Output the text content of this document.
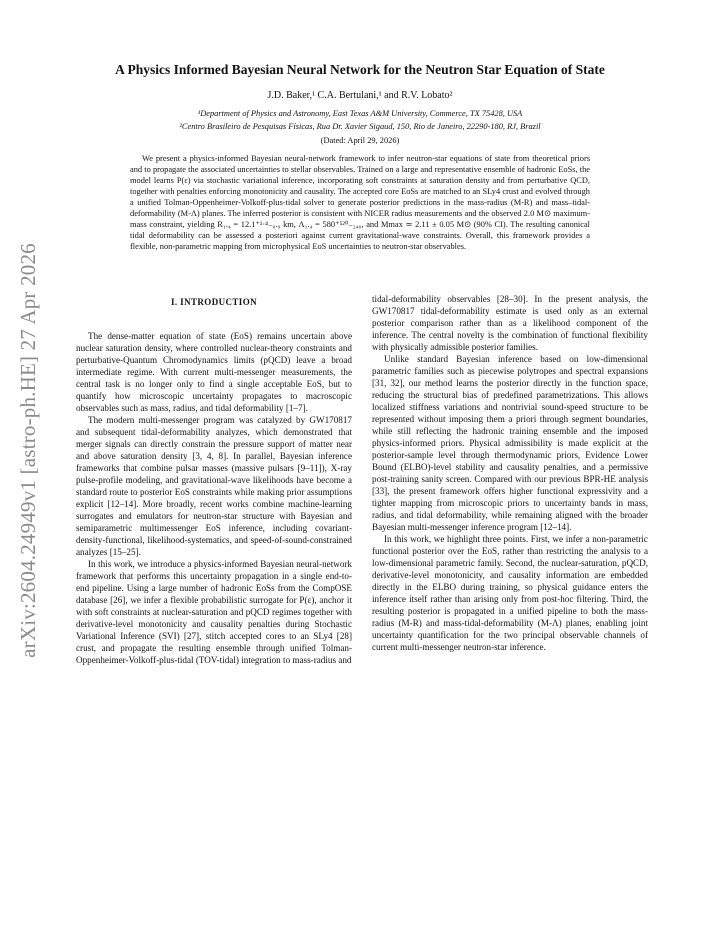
arXiv:2604.24949v1 [astro-ph.HE] 27 Apr 2026
A Physics Informed Bayesian Neural Network for the Neutron Star Equation of State
J.D. Baker,¹ C.A. Bertulani,¹ and R.V. Lobato²
¹Department of Physics and Astronomy, East Texas A&M University, Commerce, TX 75428, USA
²Centro Brasileiro de Pesquisas Físicas, Rua Dr. Xavier Sigaud, 150, Rio de Janeiro, 22290-180, RJ, Brazil
(Dated: April 29, 2026)
We present a physics-informed Bayesian neural-network framework to infer neutron-star equations of state from theoretical priors and to propagate the associated uncertainties to stellar observables. Trained on a large and representative ensemble of hadronic EoSs, the model learns P(ε) via stochastic variational inference, incorporating soft constraints at saturation density and from perturbative QCD, together with penalties enforcing monotonicity and causality. The accepted core EoSs are matched to an SLy4 crust and evolved through a unified Tolman-Oppenheimer-Volkoff-plus-tidal solver to generate posterior predictions in the mass-radius (M-R) and mass–tidal-deformability (M-Λ) planes. The inferred posterior is consistent with NICER radius measurements and the observed 2.0 M⊙ maximum-mass constraint, yielding R₁.₄ = 12.1⁺¹·⁴₋₀.₉ km, Λ₁.₄ = 580⁺⁵²⁰₋₂₄₀, and Mmax ≃ 2.11 ± 0.05 M⊙ (90% CI). The resulting canonical tidal deformability can be assessed a posteriori against current gravitational-wave constraints. Overall, this framework provides a flexible, non-parametric mapping from microphysical EoS uncertainties to neutron-star observables.
I. INTRODUCTION

The dense-matter equation of state (EoS) remains uncertain above nuclear saturation density, where controlled nuclear-theory constraints and perturbative-Quantum Chromodynamics limits (pQCD) leave a broad intermediate regime. With current multi-messenger measurements, the central task is no longer only to find a single acceptable EoS, but to quantify how microscopic uncertainty propagates to macroscopic observables such as mass, radius, and tidal deformability [1–7].

The modern multi-messenger program was catalyzed by GW170817 and subsequent tidal-deformability analyzes, which demonstrated that merger signals can directly constrain the pressure support of matter near and above saturation density [3, 4, 8]. In parallel, Bayesian inference frameworks that combine pulsar masses (massive pulsars [9–11]), X-ray pulse-profile modeling, and gravitational-wave likelihoods have become a standard route to posterior EoS constraints while making prior assumptions explicit [12–14]. More broadly, recent works combine machine-learning surrogates and emulators for neutron-star structure with Bayesian and semiparametric multimessenger EoS inference, including covariant-density-functional, likelihood-systematics, and speed-of-sound-constrained analyzes [15–25].

In this work, we introduce a physics-informed Bayesian neural-network framework that performs this uncertainty propagation in a single end-to-end pipeline. Using a large number of hadronic EoSs from the CompOSE database [26], we infer a flexible probabilistic surrogate for P(ε), anchor it with soft constraints at nuclear-saturation and pQCD regimes together with derivative-level monotonicity and causality penalties during Stochastic Variational Inference (SVI) [27], stitch accepted cores to an SLy4 [28] crust, and propagate the resulting ensemble through unified Tolman-Oppenheimer-Volkoff-plus-tidal (TOV-tidal) integration to mass-radius and

tidal-deformability observables [28–30]. In the present analysis, the GW170817 tidal-deformability estimate is used only as an external posterior comparison rather than as a likelihood component of the inference. The central novelty is the combination of functional flexibility with physically admissible posterior families.

Unlike standard Bayesian inference based on low-dimensional parametric families such as piecewise polytropes and spectral expansions [31, 32], our method learns the posterior directly in the function space, reducing the structural bias of predefined parametrizations. This allows localized stiffness variations and nontrivial sound-speed structure to be represented without imposing them a priori through segment boundaries, while still reflecting the hadronic training ensemble and the imposed physics-informed priors. Physical admissibility is made explicit at the posterior-sample level through thermodynamic priors, Evidence Lower Bound (ELBO)-level stability and causality penalties, and a permissive post-training sanity screen. Compared with our previous BPR-HE analysis [33], the present framework offers higher functional expressivity and a tighter mapping from microscopic priors to uncertainty bands in mass, radius, and tidal deformability, while remaining aligned with the broader Bayesian multi-messenger inference program [12–14].

In this work, we highlight three points. First, we infer a non-parametric functional posterior over the EoS, rather than restricting the analysis to a low-dimensional parametric family. Second, the nuclear-saturation, pQCD, derivative-level monotonicity, and causality information are embedded directly in the ELBO during training, so physical guidance enters the inference itself rather than arising only from post-hoc filtering. Third, the resulting posterior is propagated in a unified pipeline to both the mass-radius (M-R) and mass-tidal-deformability (M-Λ) planes, enabling joint uncertainty quantification for the two principal observable channels of current multi-messenger neutron-star inference.
